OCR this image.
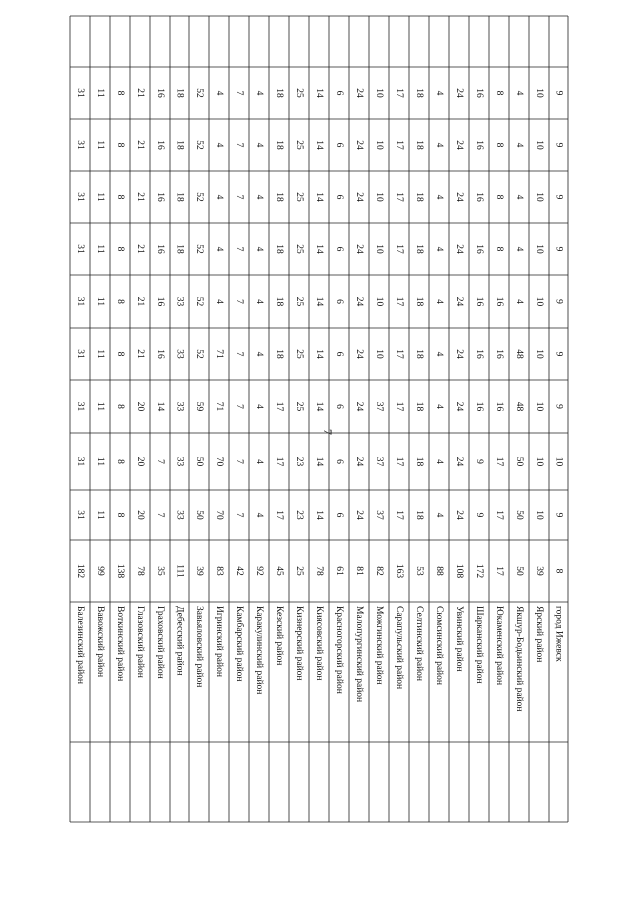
7
Балезинский район
182
31
31
31
31
31
31
31
31
31
Вавожский район
99
11
11
11
11
11
11
11
11
11
Воткинский район
138
8
8
8
8
8
8
8
8
8
Глазовский район
78
20
20
20
21
21
21
21
21
21
Граховский район
35
7
7
14
16
16
16
16
16
16
Дебесский район
111
33
33
33
33
33
18
18
18
18
Завьяловский район
39
50
50
59
52
52
52
52
52
52
Игринский район
83
70
70
71
71
4
4
4
4
4
Камбарский район
42
7
7
7
7
7
7
7
7
7
Каракулинский район
92
4
4
4
4
4
4
4
4
4
Кезский район
45
17
17
17
18
18
18
18
18
18
Кизнерский район
25
23
23
25
25
25
25
25
25
25
Киясовский район
78
14
14
14
14
14
14
14
14
14
Красногорский район
61
6
6
6
6
6
6
6
6
6
Малопургинский район
81
24
24
24
24
24
24
24
24
24
Можгинский район
82
37
37
37
10
10
10
10
10
10
Сарапульский район
163
17
17
17
17
17
17
17
17
17
Селтинский район
53
18
18
18
18
18
18
18
18
18
Сюмсинский район
88
4
4
4
4
4
4
4
4
4
Увинский район
108
24
24
24
24
24
24
24
24
24
Шарканский район
172
9
9
16
16
16
16
16
16
16
Юкаменский район
17
17
17
16
16
16
8
8
8
8
Якшур-Бодьинский район
50
50
50
48
48
4
4
4
4
4
Ярский район
39
10
10
10
10
10
10
10
10
10
город Ижевск
8
9
10
9
9
9
9
9
9
9
